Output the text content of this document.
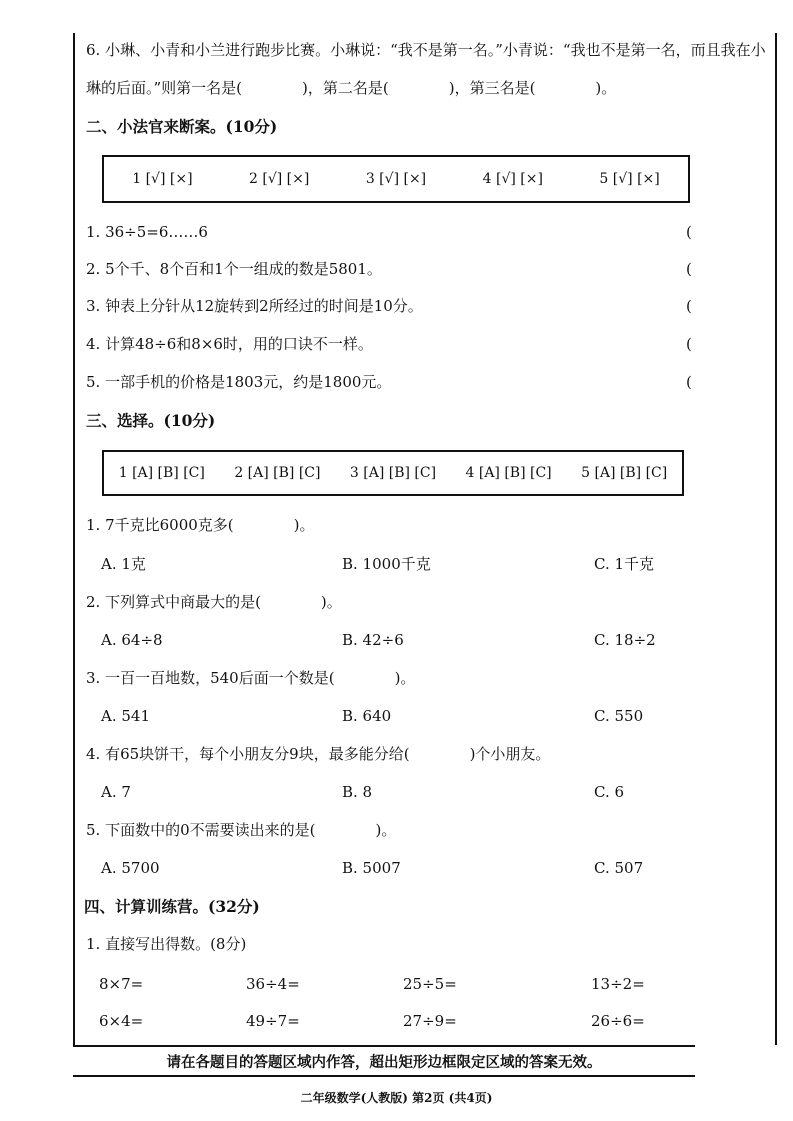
6. 小琳、小青和小兰进行跑步比赛。小琳说：“我不是第一名。”小青说：“我也不是第一名，而且我在小
琳的后面。”则第一名是(　　　　)，第二名是(　　　　)，第三名是(　　　　)。
二、小法官来断案。(10分)
1 [√] [×]	2 [√] [×]	3 [√] [×]	4 [√] [×]	5 [√] [×]
1. 36÷5=6……6	(
2. 5个千、8个百和1个一组成的数是5801。	(
3. 钟表上分针从12旋转到2所经过的时间是10分。	(
4. 计算48÷6和8×6时，用的口诀不一样。	(
5. 一部手机的价格是1803元，约是1800元。	(
三、选择。(10分)
1 [A] [B] [C] 2 [A] [B] [C] 3 [A] [B] [C] 4 [A] [B] [C] 5 [A] [B] [C]
1. 7千克比6000克多(　　　　)。
A. 1克	B. 1000千克	C. 1千克
2. 下列算式中商最大的是(　　　　)。
A. 64÷8	B. 42÷6	C. 18÷2
3. 一百一百地数，540后面一个数是(　　　　)。
A. 541	B. 640	C. 550
4. 有65块饼干，每个小朋友分9块，最多能分给(　　　　)个小朋友。
A. 7	B. 8	C. 6
5. 下面数中的0不需要读出来的是(　　　　)。
A. 5700	B. 5007	C. 507
四、计算训练营。(32分)
1. 直接写出得数。(8分)
8×7=	36÷4=	25÷5=	13÷2=
6×4=	49÷7=	27÷9=	26÷6=
请在各题目的答题区域内作答，超出矩形边框限定区域的答案无效。
二年级数学(人教版) 第2页 (共4页)
